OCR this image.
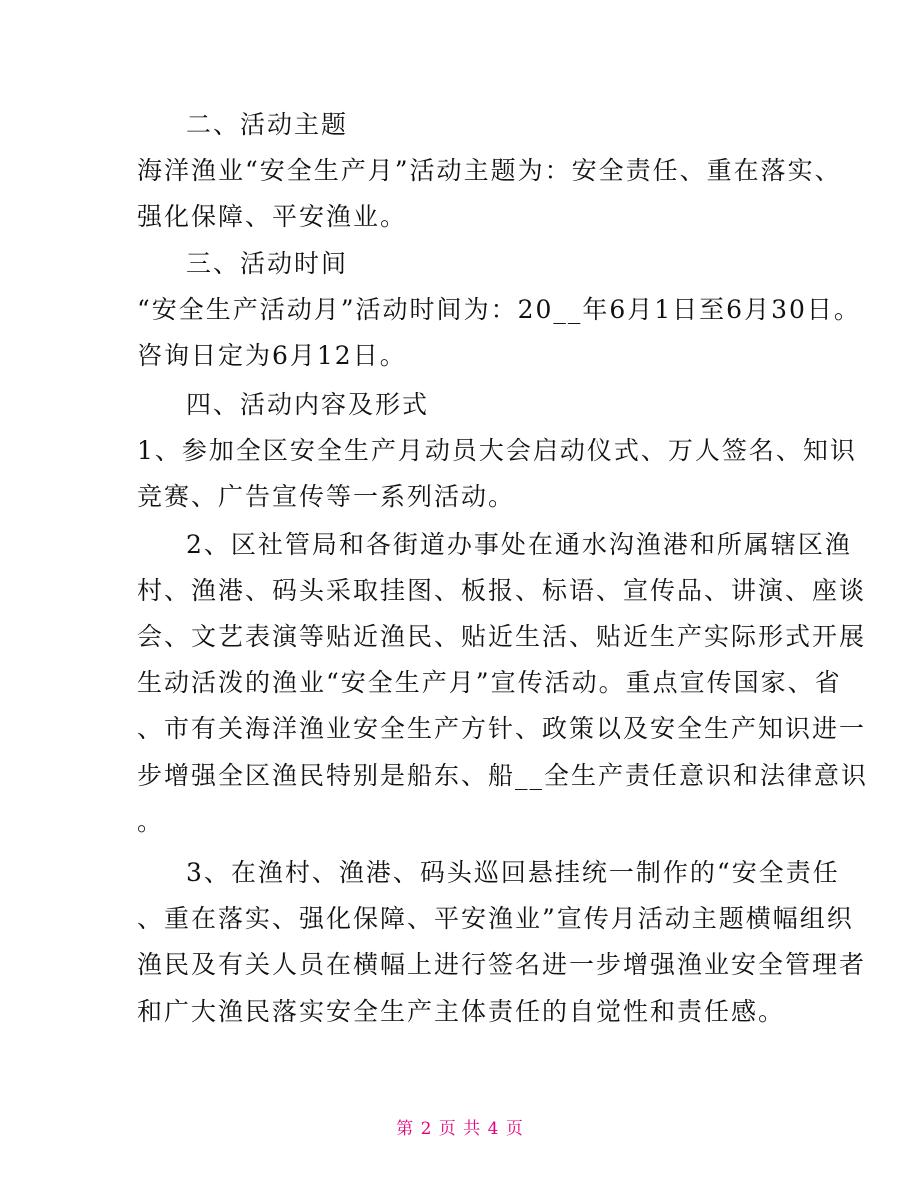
二、活动主题
海洋渔业“安全生产月”活动主题为：安全责任、重在落实、
强化保障、平安渔业。
三、活动时间
“安全生产活动月”活动时间为：20__年6月1日至6月30日。
咨询日定为6月12日。
四、活动内容及形式
1、参加全区安全生产月动员大会启动仪式、万人签名、知识
竞赛、广告宣传等一系列活动。
2、区社管局和各街道办事处在通水沟渔港和所属辖区渔
村、渔港、码头采取挂图、板报、标语、宣传品、讲演、座谈
会、文艺表演等贴近渔民、贴近生活、贴近生产实际形式开展
生动活泼的渔业“安全生产月”宣传活动。重点宣传国家、省
、市有关海洋渔业安全生产方针、政策以及安全生产知识进一
步增强全区渔民特别是船东、船__全生产责任意识和法律意识
。
3、在渔村、渔港、码头巡回悬挂统一制作的“安全责任
、重在落实、强化保障、平安渔业”宣传月活动主题横幅组织
渔民及有关人员在横幅上进行签名进一步增强渔业安全管理者
和广大渔民落实安全生产主体责任的自觉性和责任感。
第 2 页 共 4 页
